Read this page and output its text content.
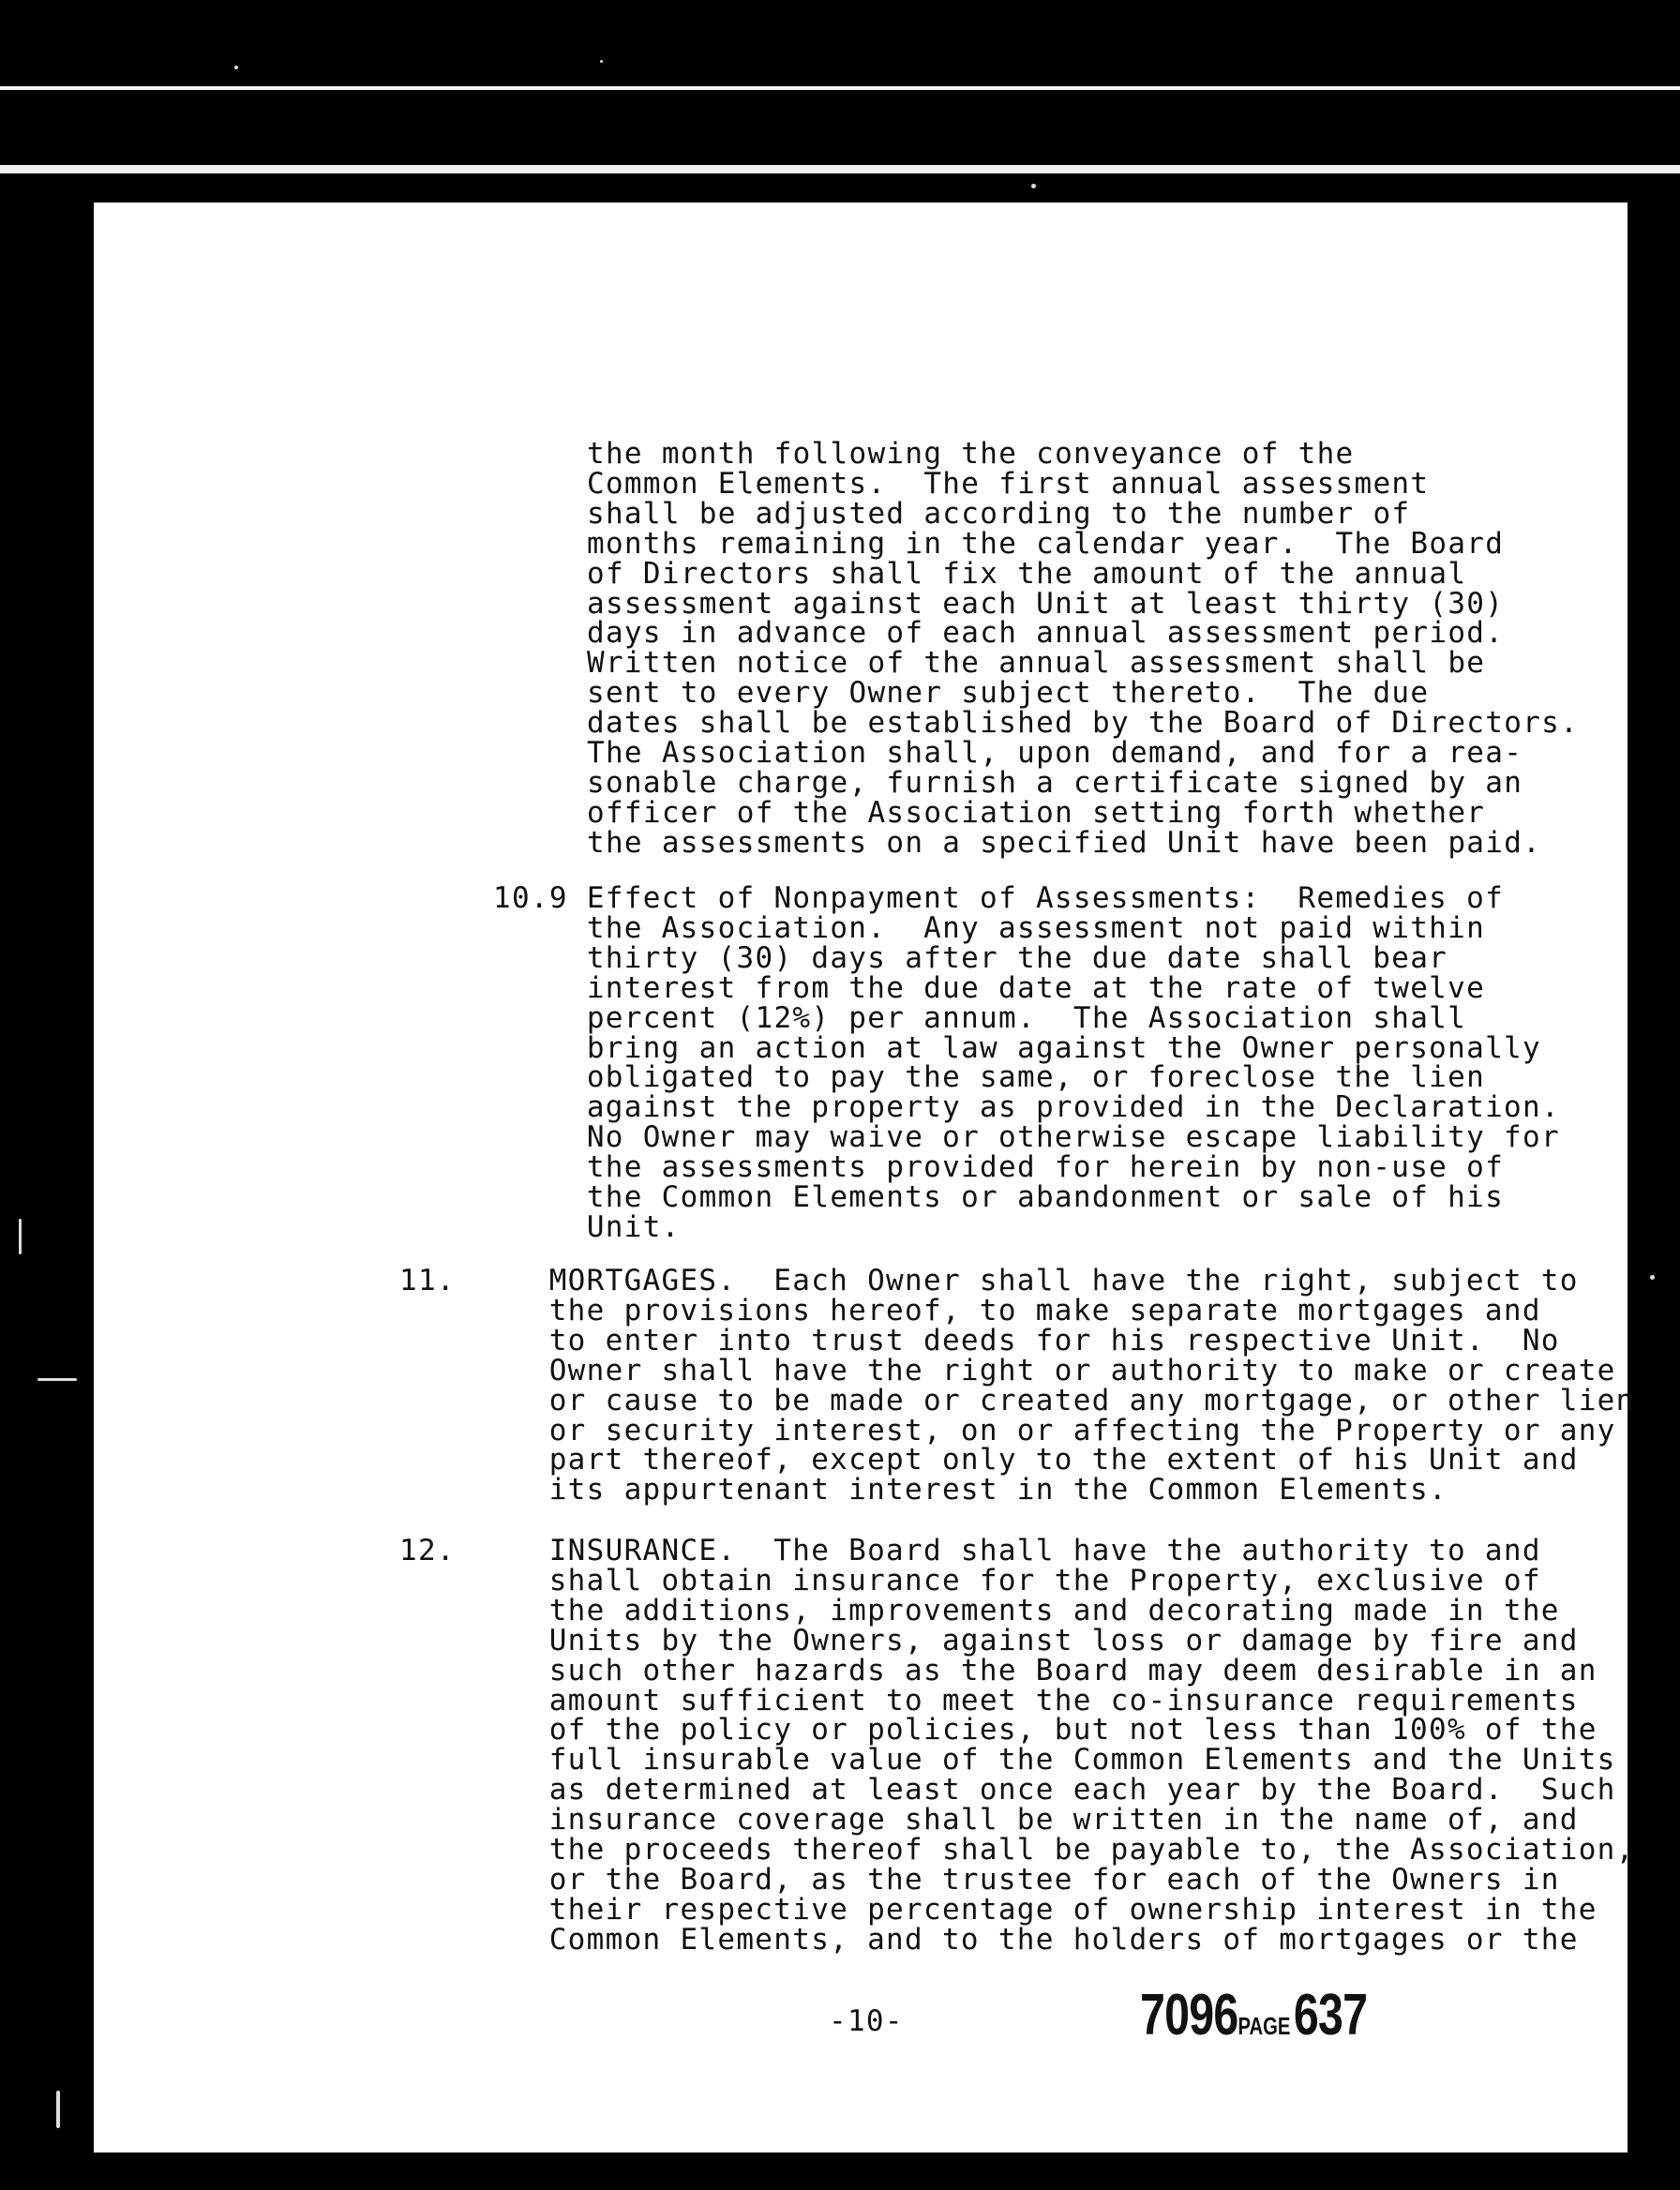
the month following the conveyance of the
Common Elements.  The first annual assessment
shall be adjusted according to the number of
months remaining in the calendar year.  The Board
of Directors shall fix the amount of the annual
assessment against each Unit at least thirty (30)
days in advance of each annual assessment period.
Written notice of the annual assessment shall be
sent to every Owner subject thereto.  The due
dates shall be established by the Board of Directors.
The Association shall, upon demand, and for a rea-
sonable charge, furnish a certificate signed by an
officer of the Association setting forth whether
the assessments on a specified Unit have been paid.
10.9 Effect of Nonpayment of Assessments:  Remedies of
the Association.  Any assessment not paid within
thirty (30) days after the due date shall bear
interest from the due date at the rate of twelve
percent (12%) per annum.  The Association shall
bring an action at law against the Owner personally
obligated to pay the same, or foreclose the lien
against the property as provided in the Declaration.
No Owner may waive or otherwise escape liability for
the assessments provided for herein by non-use of
the Common Elements or abandonment or sale of his
Unit.
11.     MORTGAGES.  Each Owner shall have the right, subject to
the provisions hereof, to make separate mortgages and
to enter into trust deeds for his respective Unit.  No
Owner shall have the right or authority to make or create
or cause to be made or created any mortgage, or other lien
or security interest, on or affecting the Property or any
part thereof, except only to the extent of his Unit and
its appurtenant interest in the Common Elements.
12.     INSURANCE.  The Board shall have the authority to and
shall obtain insurance for the Property, exclusive of
the additions, improvements and decorating made in the
Units by the Owners, against loss or damage by fire and
such other hazards as the Board may deem desirable in an
amount sufficient to meet the co-insurance requirements
of the policy or policies, but not less than 100% of the
full insurable value of the Common Elements and the Units
as determined at least once each year by the Board.  Such
insurance coverage shall be written in the name of, and
the proceeds thereof shall be payable to, the Association,
or the Board, as the trustee for each of the Owners in
their respective percentage of ownership interest in the
Common Elements, and to the holders of mortgages or the
-10-	7096PAGE 637
